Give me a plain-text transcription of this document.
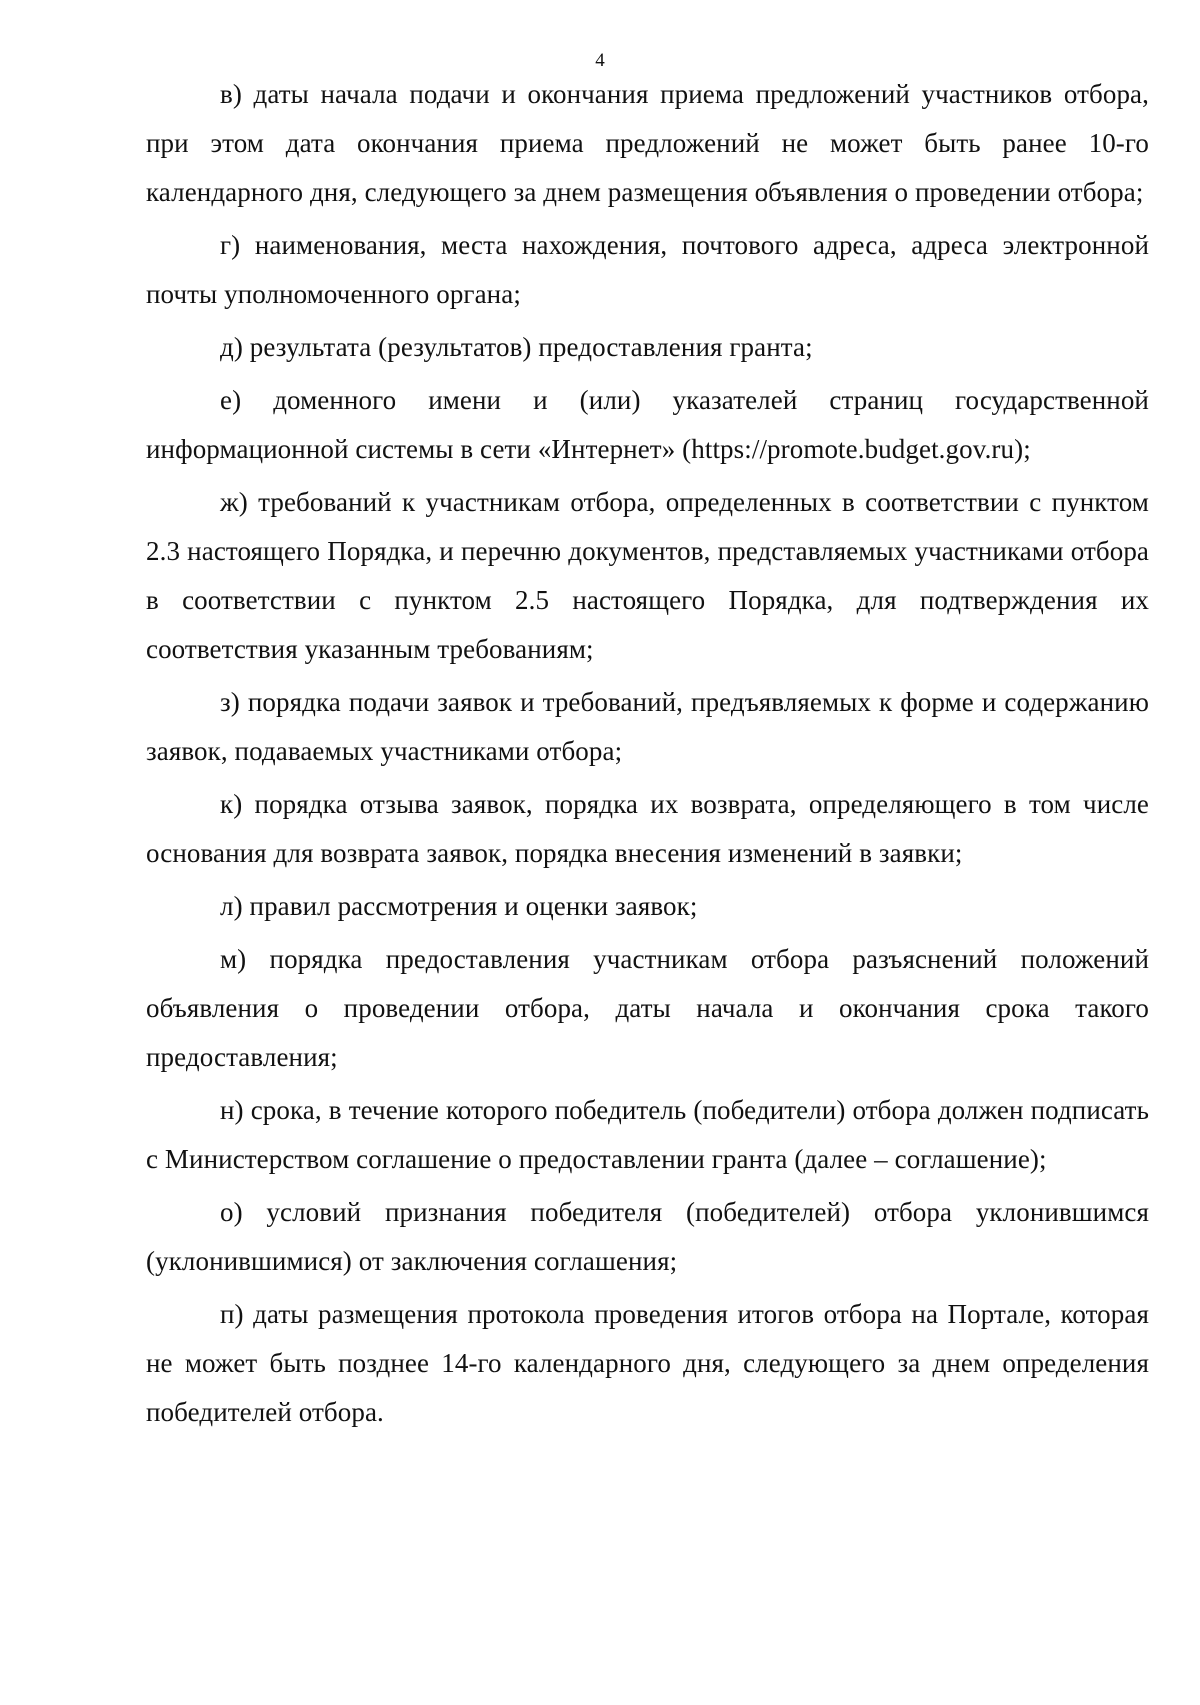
4

в) даты начала подачи и окончания приема предложений участников отбора, при этом дата окончания приема предложений не может быть ранее 10-го календарного дня, следующего за днем размещения объявления о проведении отбора;

г) наименования, места нахождения, почтового адреса, адреса электронной почты уполномоченного органа;

д) результата (результатов) предоставления гранта;

е) доменного имени и (или) указателей страниц государственной информационной системы в сети «Интернет» (https://promote.budget.gov.ru);

ж) требований к участникам отбора, определенных в соответствии с пунктом 2.3 настоящего Порядка, и перечню документов, представляемых участниками отбора в соответствии с пунктом 2.5 настоящего Порядка, для подтверждения их соответствия указанным требованиям;

з) порядка подачи заявок и требований, предъявляемых к форме и содержанию заявок, подаваемых участниками отбора;

к) порядка отзыва заявок, порядка их возврата, определяющего в том числе основания для возврата заявок, порядка внесения изменений в заявки;

л) правил рассмотрения и оценки заявок;

м) порядка предоставления участникам отбора разъяснений положений объявления о проведении отбора, даты начала и окончания срока такого предоставления;

н) срока, в течение которого победитель (победители) отбора должен подписать с Министерством соглашение о предоставлении гранта (далее – соглашение);

о) условий признания победителя (победителей) отбора уклонившимся (уклонившимися) от заключения соглашения;

п) даты размещения протокола проведения итогов отбора на Портале, которая не может быть позднее 14-го календарного дня, следующего за днем определения победителей отбора.
